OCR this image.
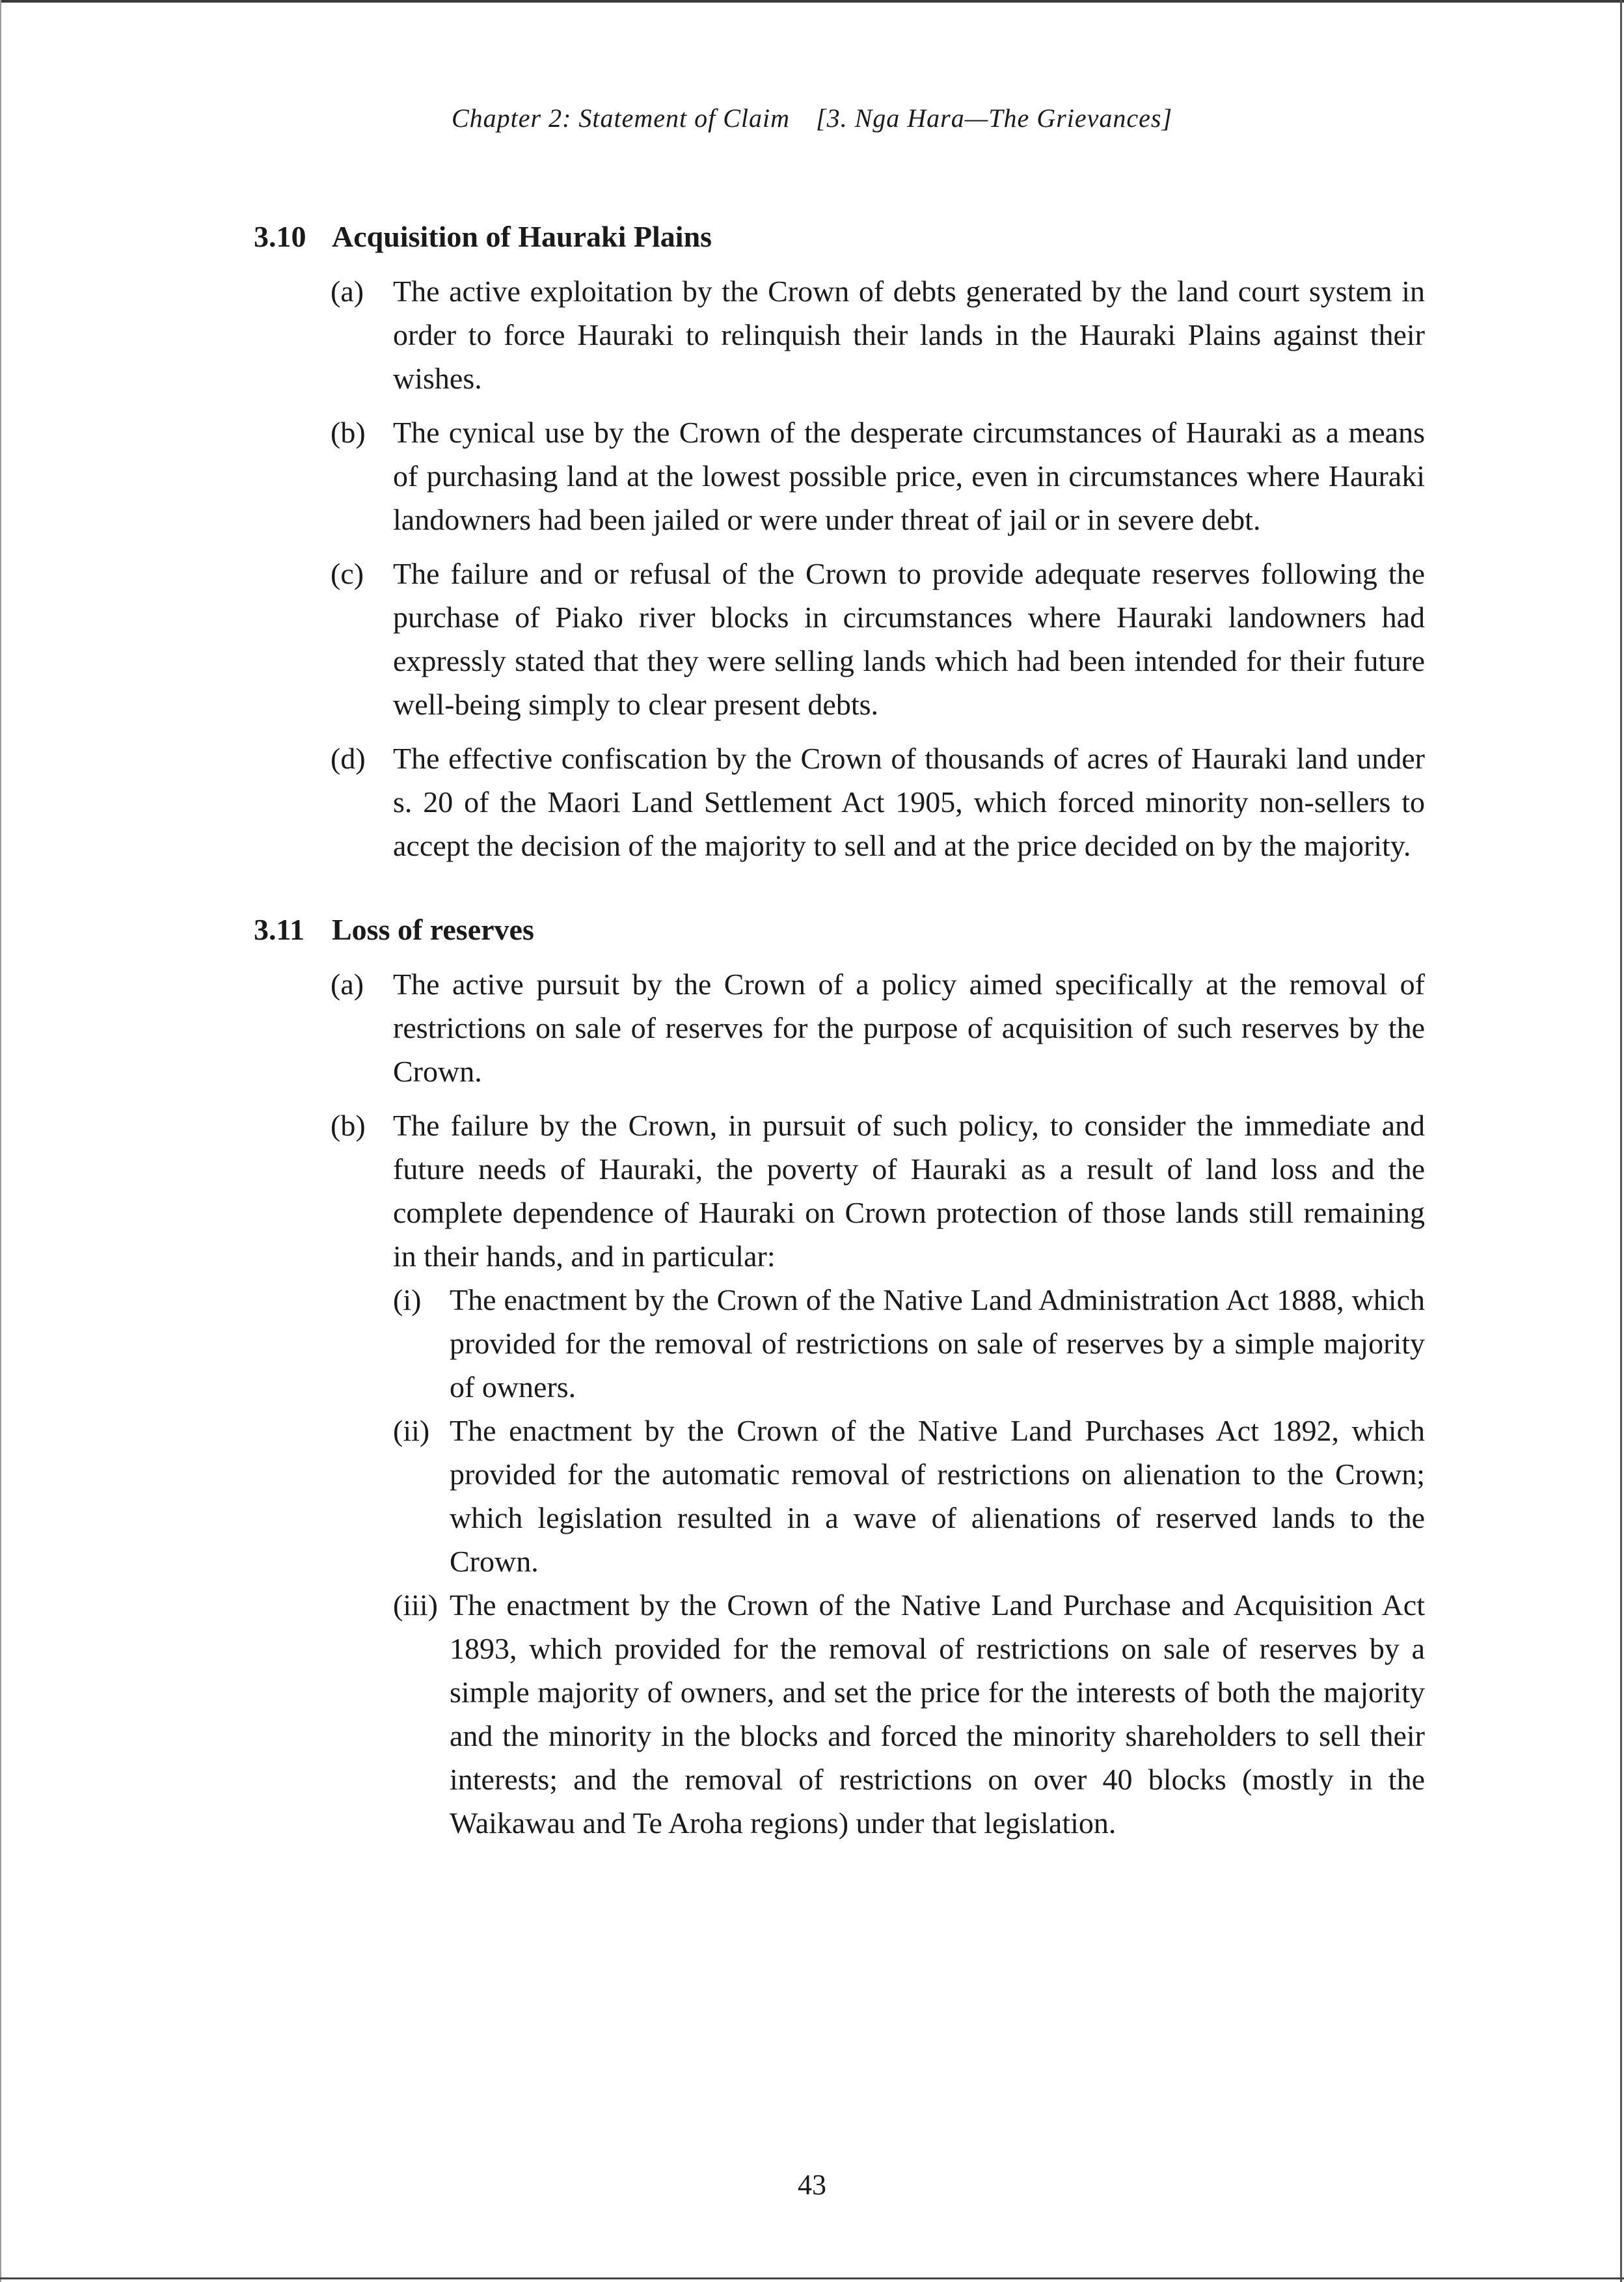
Chapter 2: Statement of Claim [3. Nga Hara—The Grievances]
3.10 Acquisition of Hauraki Plains
(a) The active exploitation by the Crown of debts generated by the land court system in order to force Hauraki to relinquish their lands in the Hauraki Plains against their wishes.
(b) The cynical use by the Crown of the desperate circumstances of Hauraki as a means of purchasing land at the lowest possible price, even in circumstances where Hauraki landowners had been jailed or were under threat of jail or in severe debt.
(c) The failure and or refusal of the Crown to provide adequate reserves following the purchase of Piako river blocks in circumstances where Hauraki landowners had expressly stated that they were selling lands which had been intended for their future well-being simply to clear present debts.
(d) The effective confiscation by the Crown of thousands of acres of Hauraki land under s. 20 of the Maori Land Settlement Act 1905, which forced minority non-sellers to accept the decision of the majority to sell and at the price decided on by the majority.
3.11 Loss of reserves
(a) The active pursuit by the Crown of a policy aimed specifically at the removal of restrictions on sale of reserves for the purpose of acquisition of such reserves by the Crown.
(b) The failure by the Crown, in pursuit of such policy, to consider the immediate and future needs of Hauraki, the poverty of Hauraki as a result of land loss and the complete dependence of Hauraki on Crown protection of those lands still remaining in their hands, and in particular:
(i) The enactment by the Crown of the Native Land Administration Act 1888, which provided for the removal of restrictions on sale of reserves by a simple majority of owners.
(ii) The enactment by the Crown of the Native Land Purchases Act 1892, which provided for the automatic removal of restrictions on alienation to the Crown; which legislation resulted in a wave of alienations of reserved lands to the Crown.
(iii) The enactment by the Crown of the Native Land Purchase and Acquisition Act 1893, which provided for the removal of restrictions on sale of reserves by a simple majority of owners, and set the price for the interests of both the majority and the minority in the blocks and forced the minority shareholders to sell their interests; and the removal of restrictions on over 40 blocks (mostly in the Waikawau and Te Aroha regions) under that legislation.
43
